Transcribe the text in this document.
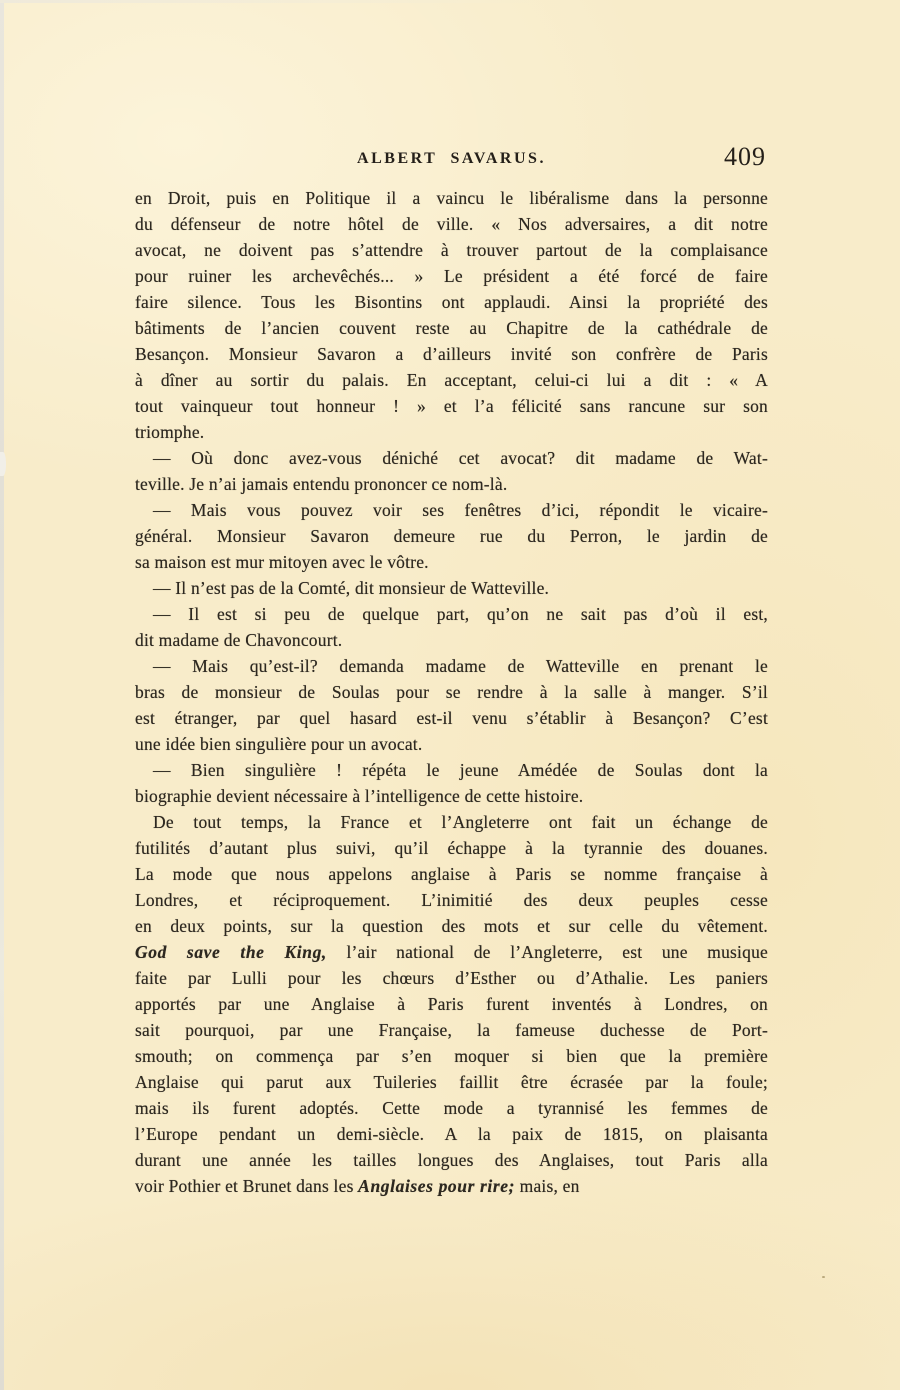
ALBERT SAVARUS.	409
en Droit, puis en Politique il a vaincu le libéralisme dans la personne
du défenseur de notre hôtel de ville. « Nos adversaires, a dit notre
avocat, ne doivent pas s’attendre à trouver partout de la complaisance
pour ruiner les archevêchés... » Le président a été forcé de faire
faire silence. Tous les Bisontins ont applaudi. Ainsi la propriété des
bâtiments de l’ancien couvent reste au Chapitre de la cathédrale de
Besançon. Monsieur Savaron a d’ailleurs invité son confrère de Paris
à dîner au sortir du palais. En acceptant, celui-ci lui a dit : « A
tout vainqueur tout honneur ! » et l’a félicité sans rancune sur son
triomphe.
— Où donc avez-vous déniché cet avocat? dit madame de Wat-
teville. Je n’ai jamais entendu prononcer ce nom-là.
— Mais vous pouvez voir ses fenêtres d’ici, répondit le vicaire-
général. Monsieur Savaron demeure rue du Perron, le jardin de
sa maison est mur mitoyen avec le vôtre.
— Il n’est pas de la Comté, dit monsieur de Watteville.
— Il est si peu de quelque part, qu’on ne sait pas d’où il est,
dit madame de Chavoncourt.
— Mais qu’est-il? demanda madame de Watteville en prenant le
bras de monsieur de Soulas pour se rendre à la salle à manger. S’il
est étranger, par quel hasard est-il venu s’établir à Besançon? C’est
une idée bien singulière pour un avocat.
— Bien singulière ! répéta le jeune Amédée de Soulas dont la
biographie devient nécessaire à l’intelligence de cette histoire.
De tout temps, la France et l’Angleterre ont fait un échange de
futilités d’autant plus suivi, qu’il échappe à la tyrannie des douanes.
La mode que nous appelons anglaise à Paris se nomme française à
Londres, et réciproquement. L’inimitié des deux peuples cesse
en deux points, sur la question des mots et sur celle du vêtement.
God save the King, l’air national de l’Angleterre, est une musique
faite par Lulli pour les chœurs d’Esther ou d’Athalie. Les paniers
apportés par une Anglaise à Paris furent inventés à Londres, on
sait pourquoi, par une Française, la fameuse duchesse de Port-
smouth; on commença par s’en moquer si bien que la première
Anglaise qui parut aux Tuileries faillit être écrasée par la foule;
mais ils furent adoptés. Cette mode a tyrannisé les femmes de
l’Europe pendant un demi-siècle. A la paix de 1815, on plaisanta
durant une année les tailles longues des Anglaises, tout Paris alla
voir Pothier et Brunet dans les Anglaises pour rire; mais, en
